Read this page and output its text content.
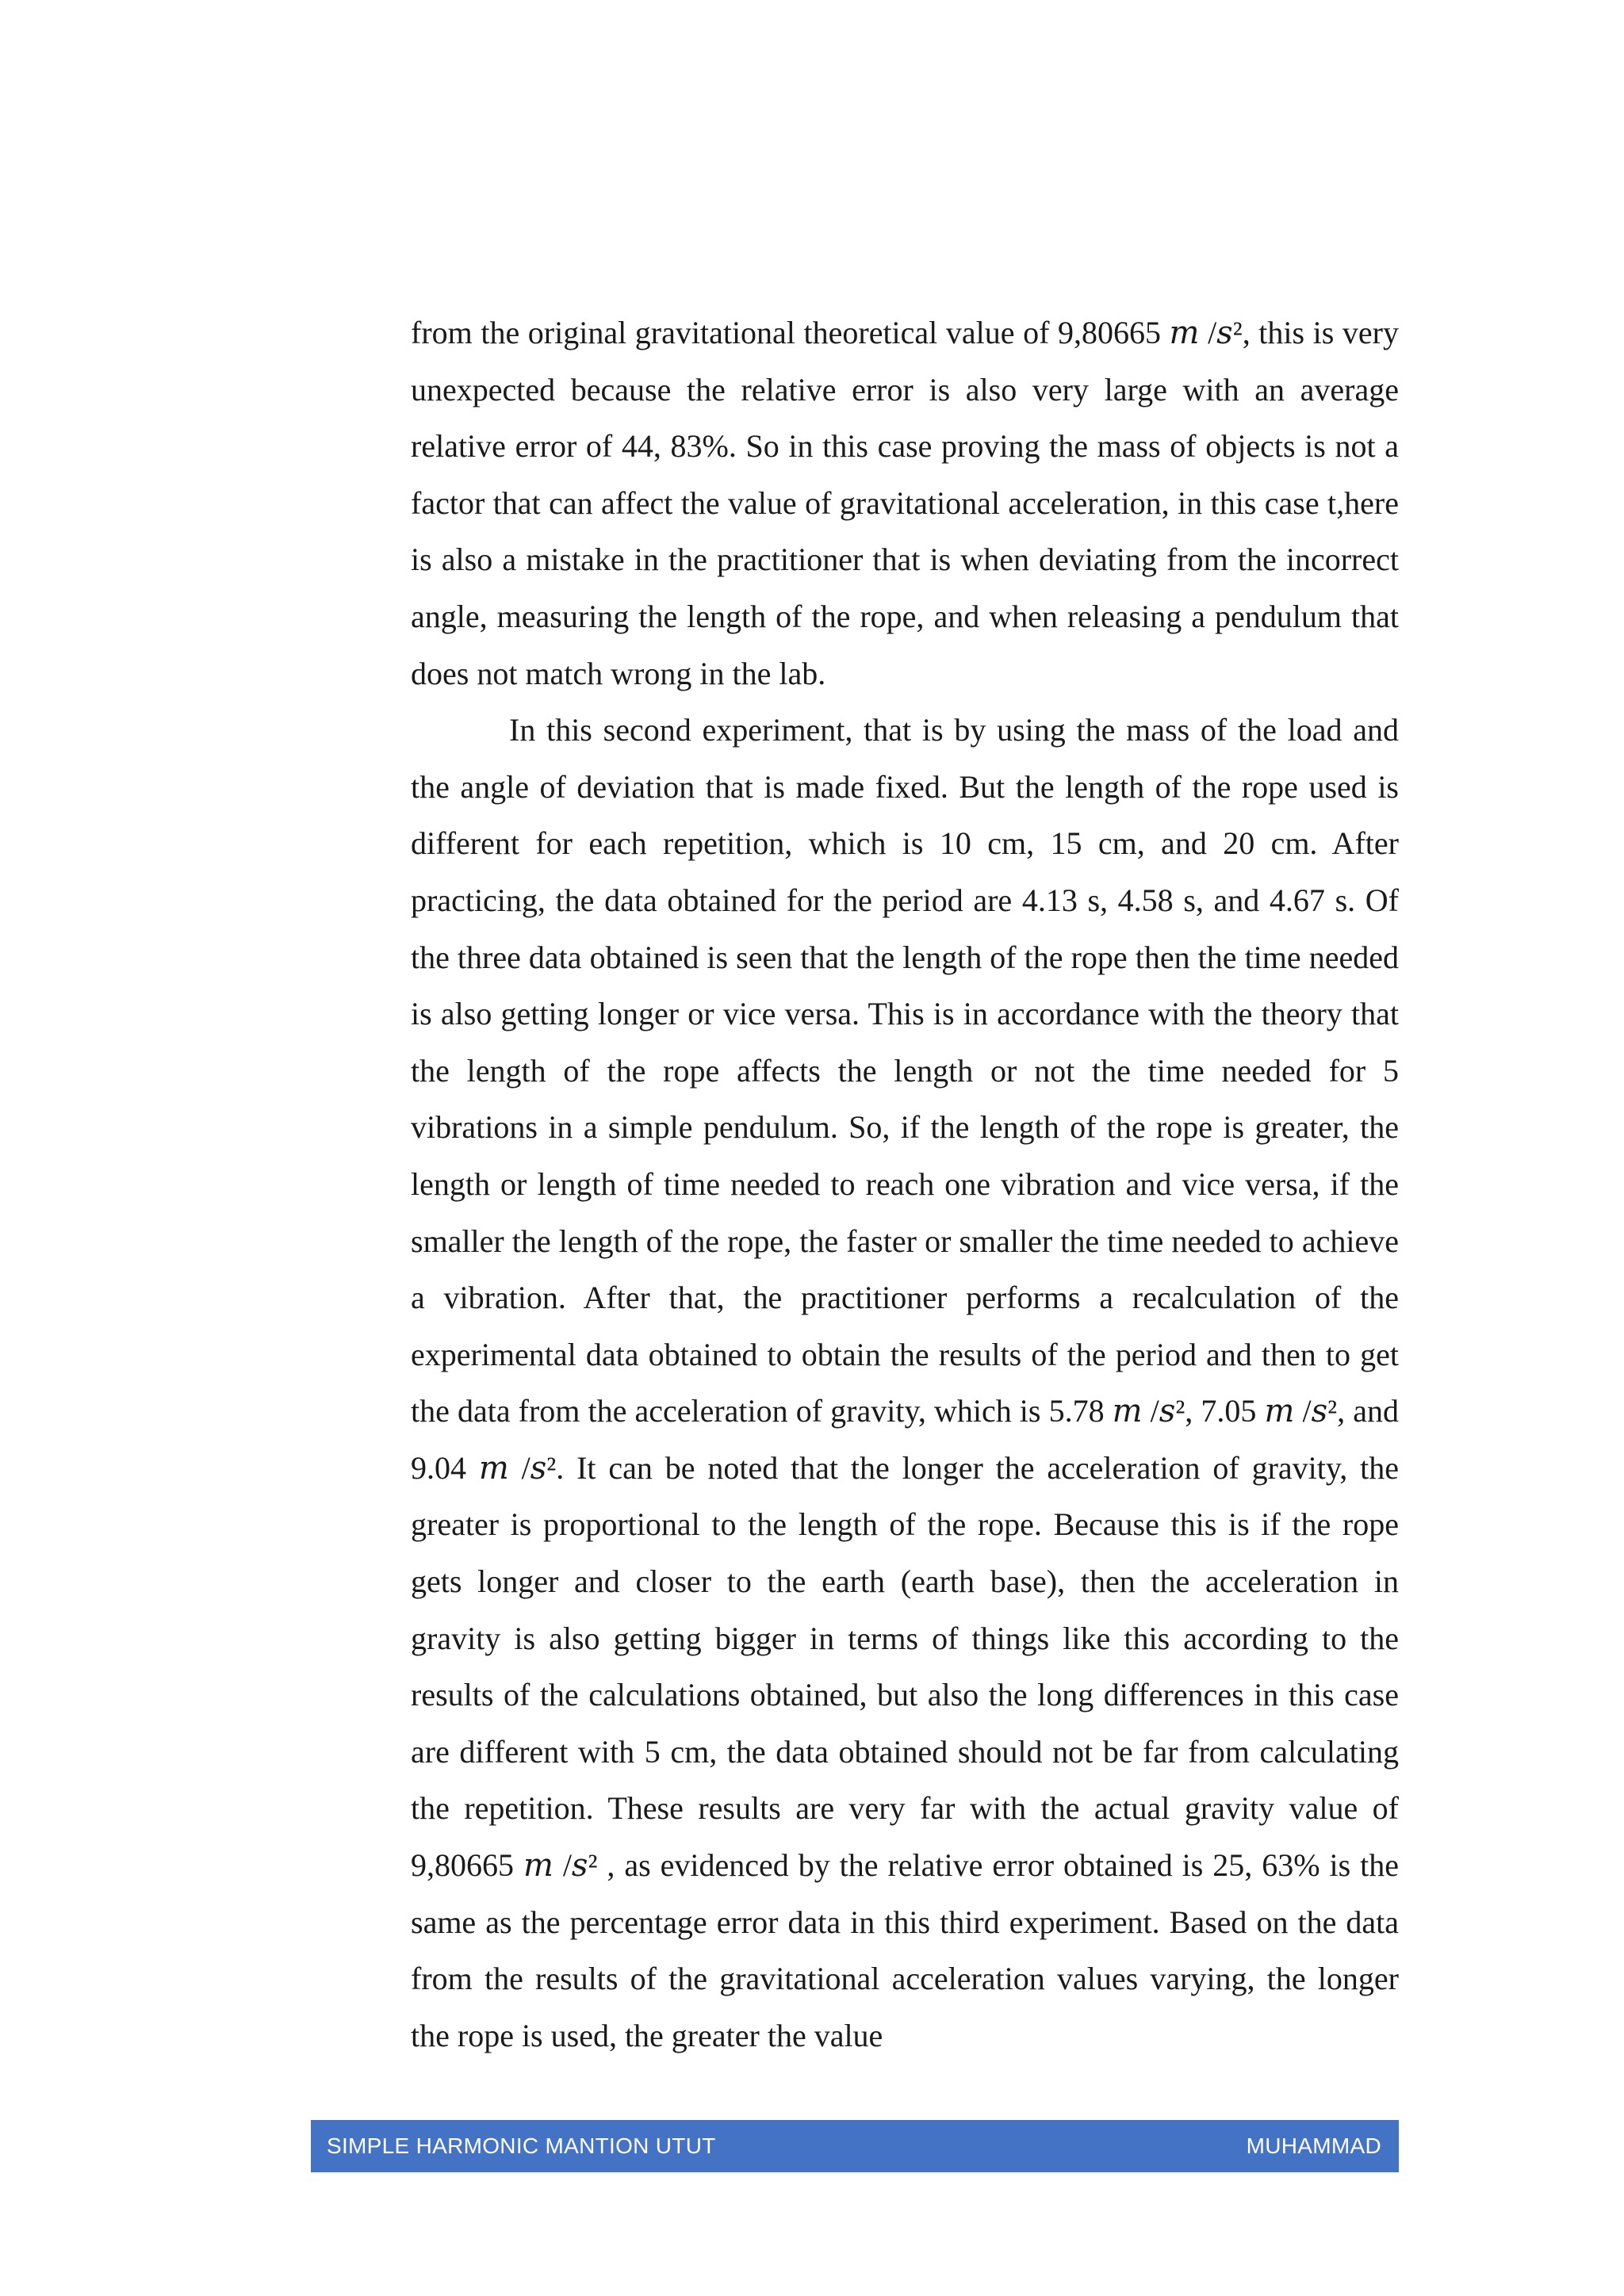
from the original gravitational theoretical value of 9,80665 𝑚 /𝑠², this is very unexpected because the relative error is also very large with an average relative error of 44, 83%. So in this case proving the mass of objects is not a factor that can affect the value of gravitational acceleration, in this case t,here is also a mistake in the practitioner that is when deviating from the incorrect angle, measuring the length of the rope, and when releasing a pendulum that does not match wrong in the lab.

In this second experiment, that is by using the mass of the load and the angle of deviation that is made fixed. But the length of the rope used is different for each repetition, which is 10 cm, 15 cm, and 20 cm. After practicing, the data obtained for the period are 4.13 s, 4.58 s, and 4.67 s. Of the three data obtained is seen that the length of the rope then the time needed is also getting longer or vice versa. This is in accordance with the theory that the length of the rope affects the length or not the time needed for 5 vibrations in a simple pendulum. So, if the length of the rope is greater, the length or length of time needed to reach one vibration and vice versa, if the smaller the length of the rope, the faster or smaller the time needed to achieve a vibration. After that, the practitioner performs a recalculation of the experimental data obtained to obtain the results of the period and then to get the data from the acceleration of gravity, which is 5.78 𝑚 /𝑠², 7.05 𝑚 /𝑠², and 9.04 𝑚 /𝑠². It can be noted that the longer the acceleration of gravity, the greater is proportional to the length of the rope. Because this is if the rope gets longer and closer to the earth (earth base), then the acceleration in gravity is also getting bigger in terms of things like this according to the results of the calculations obtained, but also the long differences in this case are different with 5 cm, the data obtained should not be far from calculating the repetition. These results are very far with the actual gravity value of 9,80665 𝑚 /𝑠² , as evidenced by the relative error obtained is 25, 63% is the same as the percentage error data in this third experiment. Based on the data from the results of the gravitational acceleration values varying, the longer the rope is used, the greater the value

SIMPLE HARMONIC MANTION UTUT	MUHAMMAD
